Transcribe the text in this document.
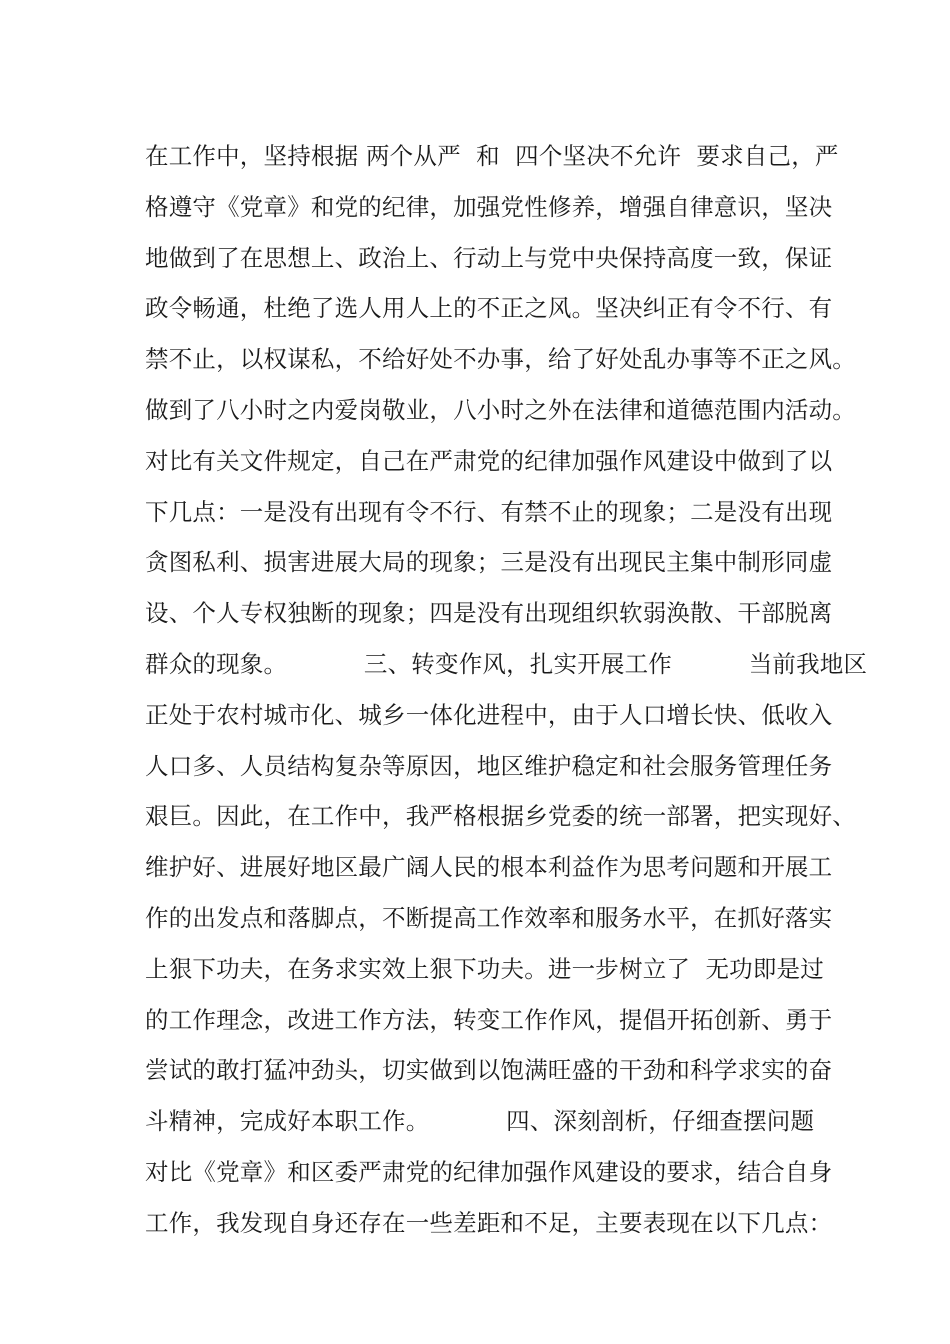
在工作中，坚持根据 两个从严  和  四个坚决不允许  要求自己，严
格遵守《党章》和党的纪律，加强党性修养，增强自律意识，坚决
地做到了在思想上、政治上、行动上与党中央保持高度一致，保证
政令畅通，杜绝了选人用人上的不正之风。坚决纠正有令不行、有
禁不止，以权谋私，不给好处不办事，给了好处乱办事等不正之风。
做到了八小时之内爱岗敬业，八小时之外在法律和道德范围内活动。
对比有关文件规定，自己在严肃党的纪律加强作风建设中做到了以
下几点：一是没有出现有令不行、有禁不止的现象；二是没有出现
贪图私利、损害进展大局的现象；三是没有出现民主集中制形同虚
设、个人专权独断的现象；四是没有出现组织软弱涣散、干部脱离
群众的现象。          三、转变作风，扎实开展工作          当前我地区
正处于农村城市化、城乡一体化进程中，由于人口增长快、低收入
人口多、人员结构复杂等原因，地区维护稳定和社会服务管理任务
艰巨。因此，在工作中，我严格根据乡党委的统一部署，把实现好、
维护好、进展好地区最广阔人民的根本利益作为思考问题和开展工
作的出发点和落脚点，不断提高工作效率和服务水平，在抓好落实
上狠下功夫，在务求实效上狠下功夫。进一步树立了  无功即是过
的工作理念，改进工作方法，转变工作作风，提倡开拓创新、勇于
尝试的敢打猛冲劲头，切实做到以饱满旺盛的干劲和科学求实的奋
斗精神，完成好本职工作。          四、深刻剖析，仔细查摆问题
对比《党章》和区委严肃党的纪律加强作风建设的要求，结合自身
工作，我发现自身还存在一些差距和不足，主要表现在以下几点：
